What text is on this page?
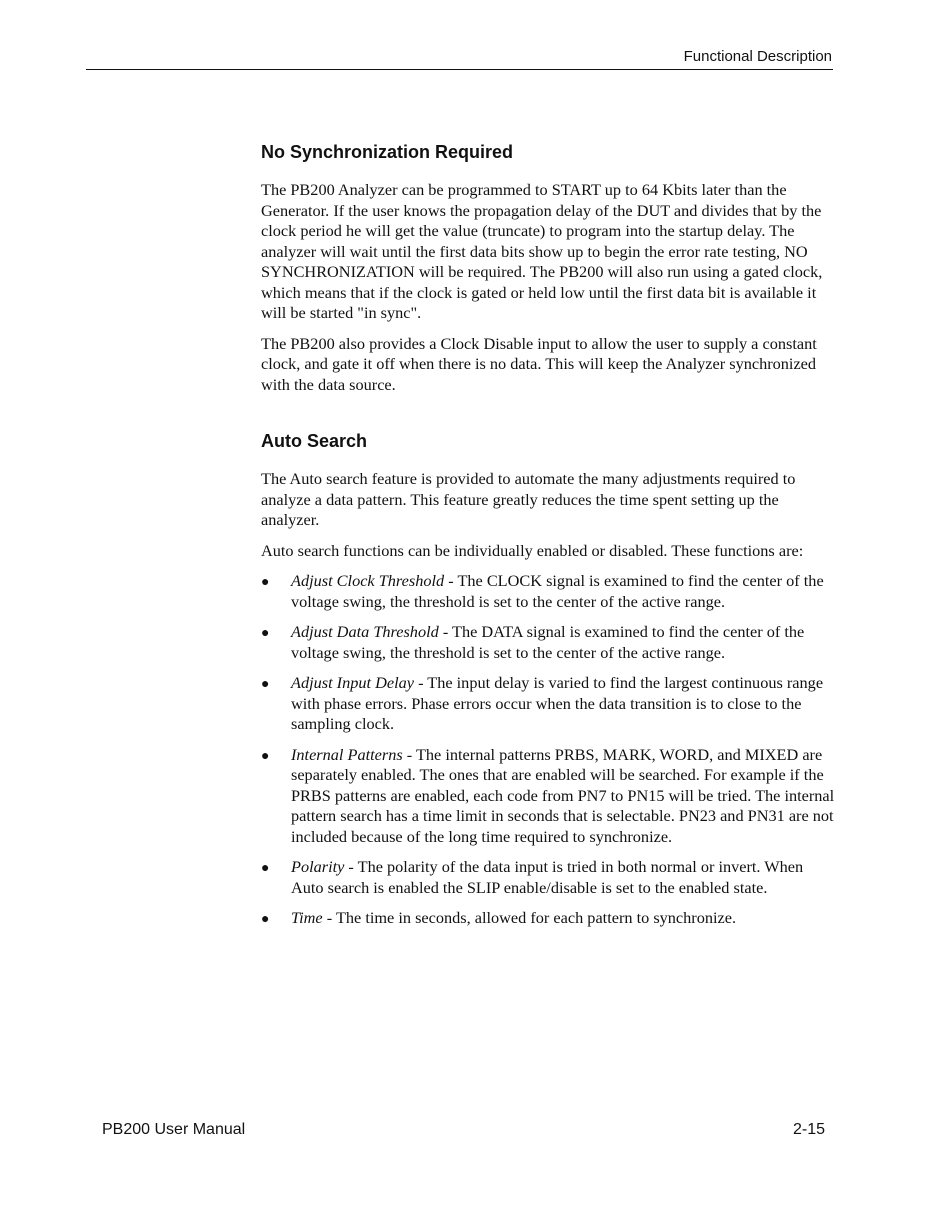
Functional Description
No Synchronization Required

The PB200 Analyzer can be programmed to START up to 64 Kbits later than the Generator. If the user knows the propagation delay of the DUT and divides that by the clock period he will get the value (truncate) to program into the startup delay. The analyzer will wait until the first data bits show up to begin the error rate testing, NO SYNCHRONIZATION will be required. The PB200 will also run using a gated clock, which means that if the clock is gated or held low until the first data bit is available it will be started "in sync".

The PB200 also provides a Clock Disable input to allow the user to supply a constant clock, and gate it off when there is no data. This will keep the Analyzer synchronized with the data source.

Auto Search

The Auto search feature is provided to automate the many adjustments required to analyze a data pattern. This feature greatly reduces the time spent setting up the analyzer.

Auto search functions can be individually enabled or disabled. These functions are:

● Adjust Clock Threshold - The CLOCK signal is examined to find the center of the voltage swing, the threshold is set to the center of the active range.
● Adjust Data Threshold - The DATA signal is examined to find the center of the voltage swing, the threshold is set to the center of the active range.
● Adjust Input Delay - The input delay is varied to find the largest continuous range with phase errors. Phase errors occur when the data transition is to close to the sampling clock.
● Internal Patterns - The internal patterns PRBS, MARK, WORD, and MIXED are separately enabled. The ones that are enabled will be searched. For example if the PRBS patterns are enabled, each code from PN7 to PN15 will be tried. The internal pattern search has a time limit in seconds that is selectable. PN23 and PN31 are not included because of the long time required to synchronize.
● Polarity - The polarity of the data input is tried in both normal or invert. When Auto search is enabled the SLIP enable/disable is set to the enabled state.
● Time - The time in seconds, allowed for each pattern to synchronize.
PB200 User Manual	2-15
